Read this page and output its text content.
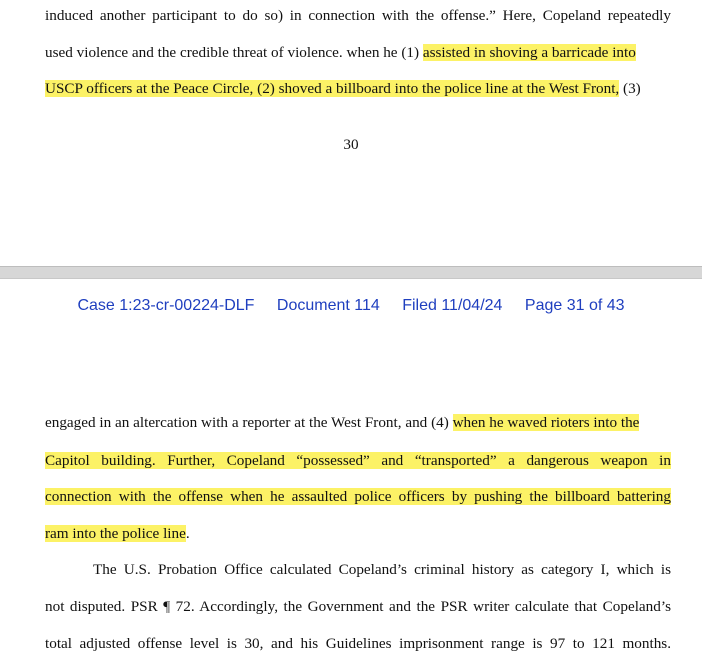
induced another participant to do so) in connection with the offense.” Here, Copeland repeatedly
used violence and the credible threat of violence. when he (1) assisted in shoving a barricade into
USCP officers at the Peace Circle, (2) shoved a billboard into the police line at the West Front, (3)
30
Case 1:23-cr-00224-DLF Document 114 Filed 11/04/24 Page 31 of 43
engaged in an altercation with a reporter at the West Front, and (4) when he waved rioters into the
Capitol building. Further, Copeland “possessed” and “transported” a dangerous weapon in
connection with the offense when he assaulted police officers by pushing the billboard battering
ram into the police line.
The U.S. Probation Office calculated Copeland’s criminal history as category I, which is
not disputed. PSR ¶ 72. Accordingly, the Government and the PSR writer calculate that Copeland’s
total adjusted offense level is 30, and his Guidelines imprisonment range is 97 to 121 months.
